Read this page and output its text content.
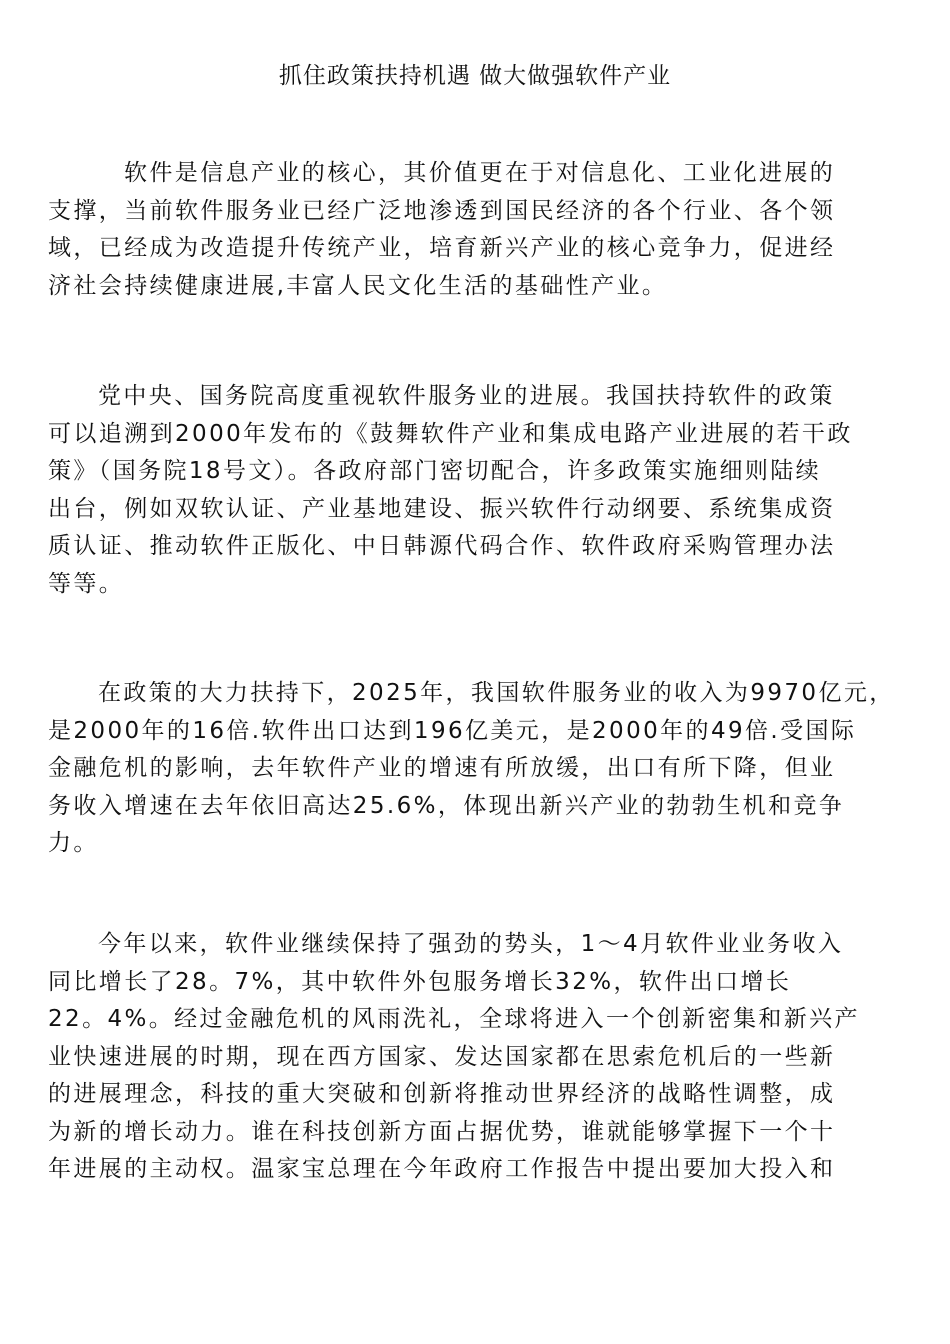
抓住政策扶持机遇 做大做强软件产业
软件是信息产业的核心，其价值更在于对信息化、工业化进展的
支撑，当前软件服务业已经广泛地渗透到国民经济的各个行业、各个领
域，已经成为改造提升传统产业，培育新兴产业的核心竞争力，促进经
济社会持续健康进展,丰富人民文化生活的基础性产业。
党中央、国务院高度重视软件服务业的进展。我国扶持软件的政策
可以追溯到2000年发布的《鼓舞软件产业和集成电路产业进展的若干政
策》（国务院18号文）。各政府部门密切配合，许多政策实施细则陆续
出台，例如双软认证、产业基地建设、振兴软件行动纲要、系统集成资
质认证、推动软件正版化、中日韩源代码合作、软件政府采购管理办法
等等。
在政策的大力扶持下，2025年，我国软件服务业的收入为9970亿元，
是2000年的16倍.软件出口达到196亿美元，是2000年的49倍.受国际
金融危机的影响，去年软件产业的增速有所放缓，出口有所下降，但业
务收入增速在去年依旧高达25.6%，体现出新兴产业的勃勃生机和竞争
力。
今年以来，软件业继续保持了强劲的势头，1～4月软件业业务收入
同比增长了28。7%，其中软件外包服务增长32%，软件出口增长
22。4%。经过金融危机的风雨洗礼，全球将进入一个创新密集和新兴产
业快速进展的时期，现在西方国家、发达国家都在思索危机后的一些新
的进展理念，科技的重大突破和创新将推动世界经济的战略性调整，成
为新的增长动力。谁在科技创新方面占据优势，谁就能够掌握下一个十
年进展的主动权。温家宝总理在今年政府工作报告中提出要加大投入和
